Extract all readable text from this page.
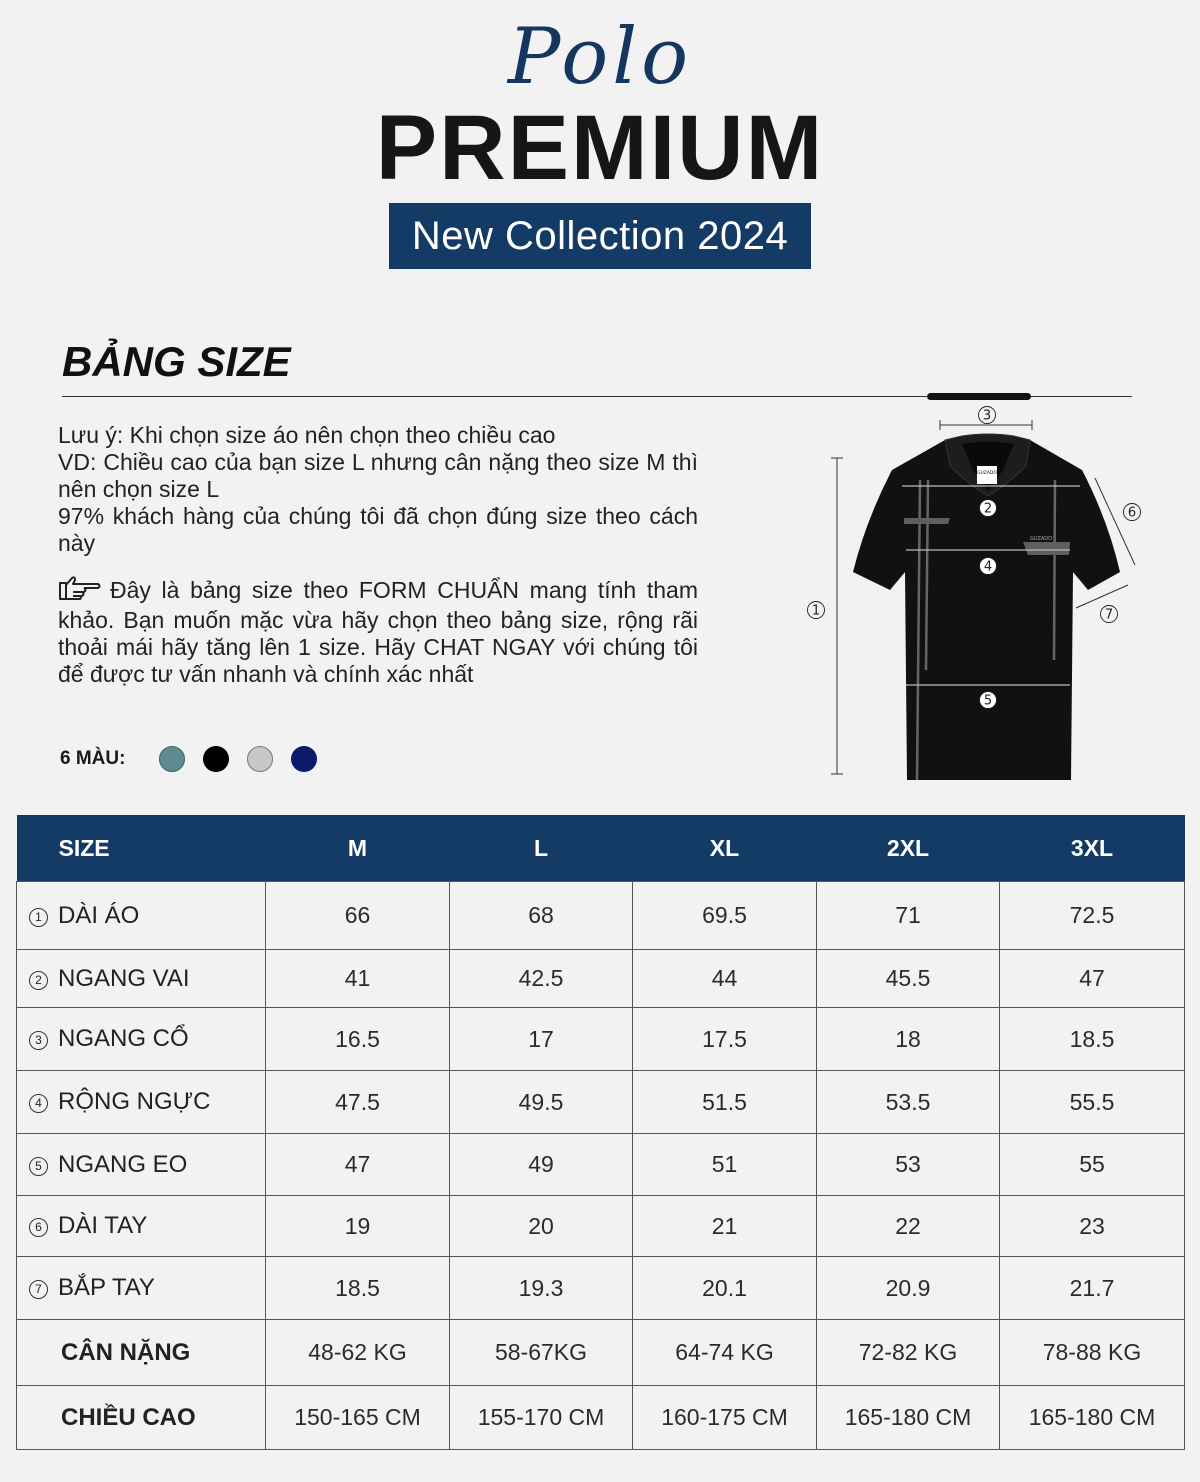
Polo
PREMIUM
New Collection 2024
BẢNG SIZE

Lưu ý: Khi chọn size áo nên chọn theo chiều cao

VD: Chiều cao của bạn size L nhưng cân nặng theo size M thì nên chọn size L

97% khách hàng của chúng tôi đã chọn đúng size theo cách này

Đây là bảng size theo FORM CHUẨN mang tính tham khảo. Bạn muốn mặc vừa hãy chọn theo bảng size, rộng rãi thoải mái hãy tăng lên 1 size. Hãy CHAT NGAY với chúng tôi để được tư vấn nhanh và chính xác nhất

6 MÀU:
GUZADO
GUZADO
1
2
3
4
5
6
7
SIZE	M	L	XL	2XL	3XL
1 DÀI ÁO	66	68	69.5	71	72.5
2 NGANG VAI	41	42.5	44	45.5	47
3 NGANG CỔ	16.5	17	17.5	18	18.5
4 RỘNG NGỰC	47.5	49.5	51.5	53.5	55.5
5 NGANG EO	47	49	51	53	55
6 DÀI TAY	19	20	21	22	23
7 BẮP TAY	18.5	19.3	20.1	20.9	21.7
CÂN NẶNG	48-62 KG	58-67KG	64-74 KG	72-82 KG	78-88 KG
CHIỀU CAO	150-165 CM	155-170 CM	160-175 CM	165-180 CM	165-180 CM
